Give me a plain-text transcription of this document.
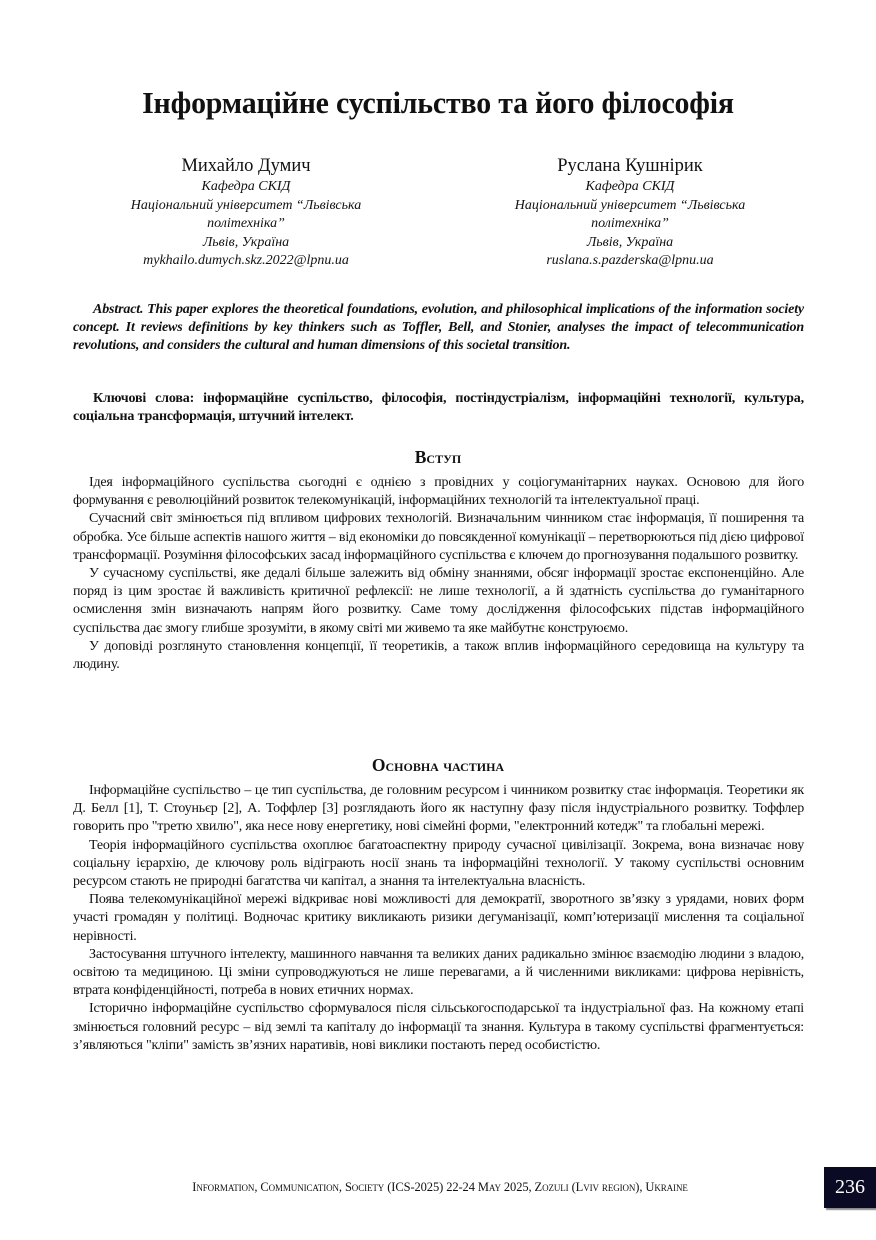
Інформаційне суспільство та його філософія
Михайло Думич
Кафедра СКІД
Національний університет “Львівська
політехніка”
Львів, Україна
mykhailo.dumych.skz.2022@lpnu.ua
Руслана Кушнірик
Кафедра СКІД
Національний університет “Львівська
політехніка”
Львів, Україна
ruslana.s.pazderska@lpnu.ua

Abstract. This paper explores the theoretical foundations, evolution, and philosophical implications of the information society concept. It reviews definitions by key thinkers such as Toffler, Bell, and Stonier, analyses the impact of telecommunication revolutions, and considers the cultural and human dimensions of this societal transition.

Ключові слова: інформаційне суспільство, філософія, постіндустріалізм, інформаційні технології, культура, соціальна трансформація, штучний інтелект.

Вступ

Ідея інформаційного суспільства сьогодні є однією з провідних у соціогуманітарних науках. Основою для його формування є революційний розвиток телекомунікацій, інформаційних технологій та інтелектуальної праці.

Сучасний світ змінюється під впливом цифрових технологій. Визначальним чинником стає інформація, її поширення та обробка. Усе більше аспектів нашого життя – від економіки до повсякденної комунікації – перетворюються під дією цифрової трансформації. Розуміння філософських засад інформаційного суспільства є ключем до прогнозування подальшого розвитку.

У сучасному суспільстві, яке дедалі більше залежить від обміну знаннями, обсяг інформації зростає експоненційно. Але поряд із цим зростає й важливість критичної рефлексії: не лише технології, а й здатність суспільства до гуманітарного осмислення змін визначають напрям його розвитку. Саме тому дослідження філософських підстав інформаційного суспільства дає змогу глибше зрозуміти, в якому світі ми живемо та яке майбутнє конструюємо.

У доповіді розглянуто становлення концепції, її теоретиків, а також вплив інформаційного середовища на культуру та людину.

Основна частина

Інформаційне суспільство – це тип суспільства, де головним ресурсом і чинником розвитку стає інформація. Теоретики як Д. Белл [1], Т. Стоуньєр [2], А. Тоффлер [3] розглядають його як наступну фазу після індустріального розвитку. Тоффлер говорить про "третю хвилю", яка несе нову енергетику, нові сімейні форми, "електронний котедж" та глобальні мережі.

Теорія інформаційного суспільства охоплює багатоаспектну природу сучасної цивілізації. Зокрема, вона визначає нову соціальну ієрархію, де ключову роль відіграють носії знань та інформаційні технології. У такому суспільстві основним ресурсом стають не природні багатства чи капітал, а знання та інтелектуальна власність.

Поява телекомунікаційної мережі відкриває нові можливості для демократії, зворотного зв’язку з урядами, нових форм участі громадян у політиці. Водночас критику викликають ризики дегуманізації, комп’ютеризації мислення та соціальної нерівності.

Застосування штучного інтелекту, машинного навчання та великих даних радикально змінює взаємодію людини з владою, освітою та медициною. Ці зміни супроводжуються не лише перевагами, а й численними викликами: цифрова нерівність, втрата конфіденційності, потреба в нових етичних нормах.

Історично інформаційне суспільство сформувалося після сільськогосподарської та індустріальної фаз. На кожному етапі змінюється головний ресурс – від землі та капіталу до інформації та знання. Культура в такому суспільстві фрагментується: з’являються "кліпи" замість зв’язних наративів, нові виклики постають перед особистістю.

Information, Communication, Society (ICS-2025) 22-24 May 2025, Zozuli (Lviv region), Ukraine	236
